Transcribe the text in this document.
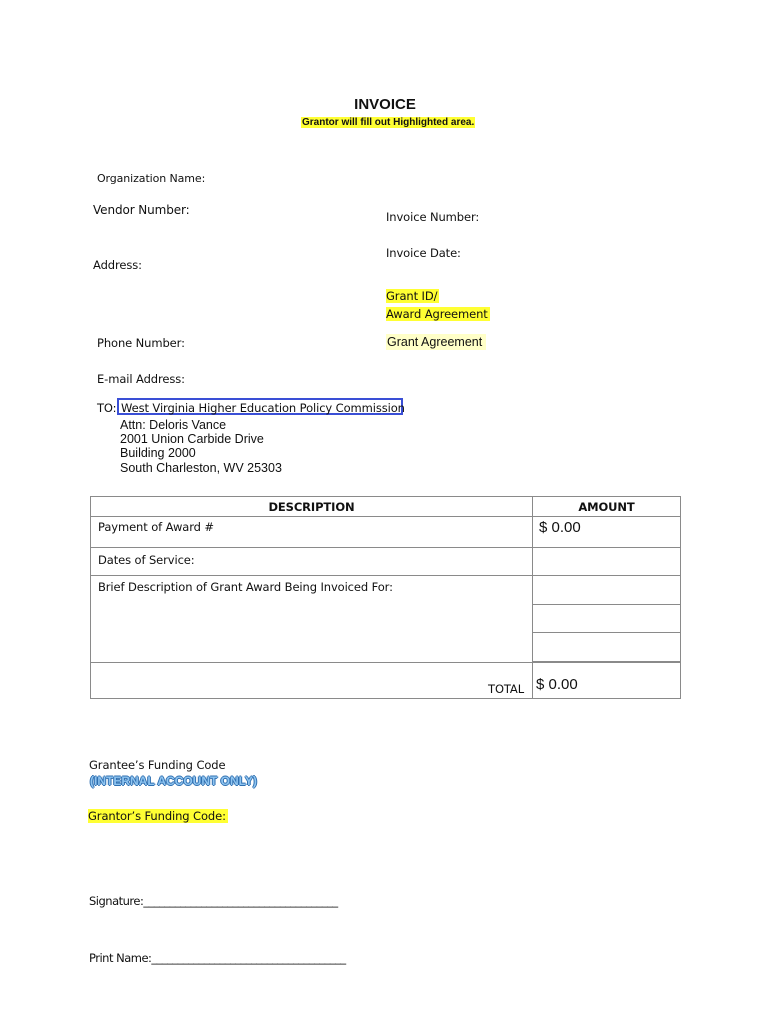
INVOICE
Grantor will fill out Highlighted area.
Organization Name:
Vendor Number:
Address:
Phone Number:
E-mail Address:
Invoice Number:
Invoice Date:
Grant ID/
Award Agreement
Grant Agreement
TO: West Virginia Higher Education Policy Commission
Attn: Deloris Vance
2001 Union Carbide Drive
Building 2000
South Charleston, WV 25303
DESCRIPTION	AMOUNT

Payment of Award #	$ 0.00

Dates of Service:	

Brief Description of Grant Award Being Invoiced For:	

TOTAL	$ 0.00
Grantee’s Funding Code
(INTERNAL ACCOUNT ONLY)
Grantor’s Funding Code:
Signature:_____________________________________
Print Name:_____________________________________
